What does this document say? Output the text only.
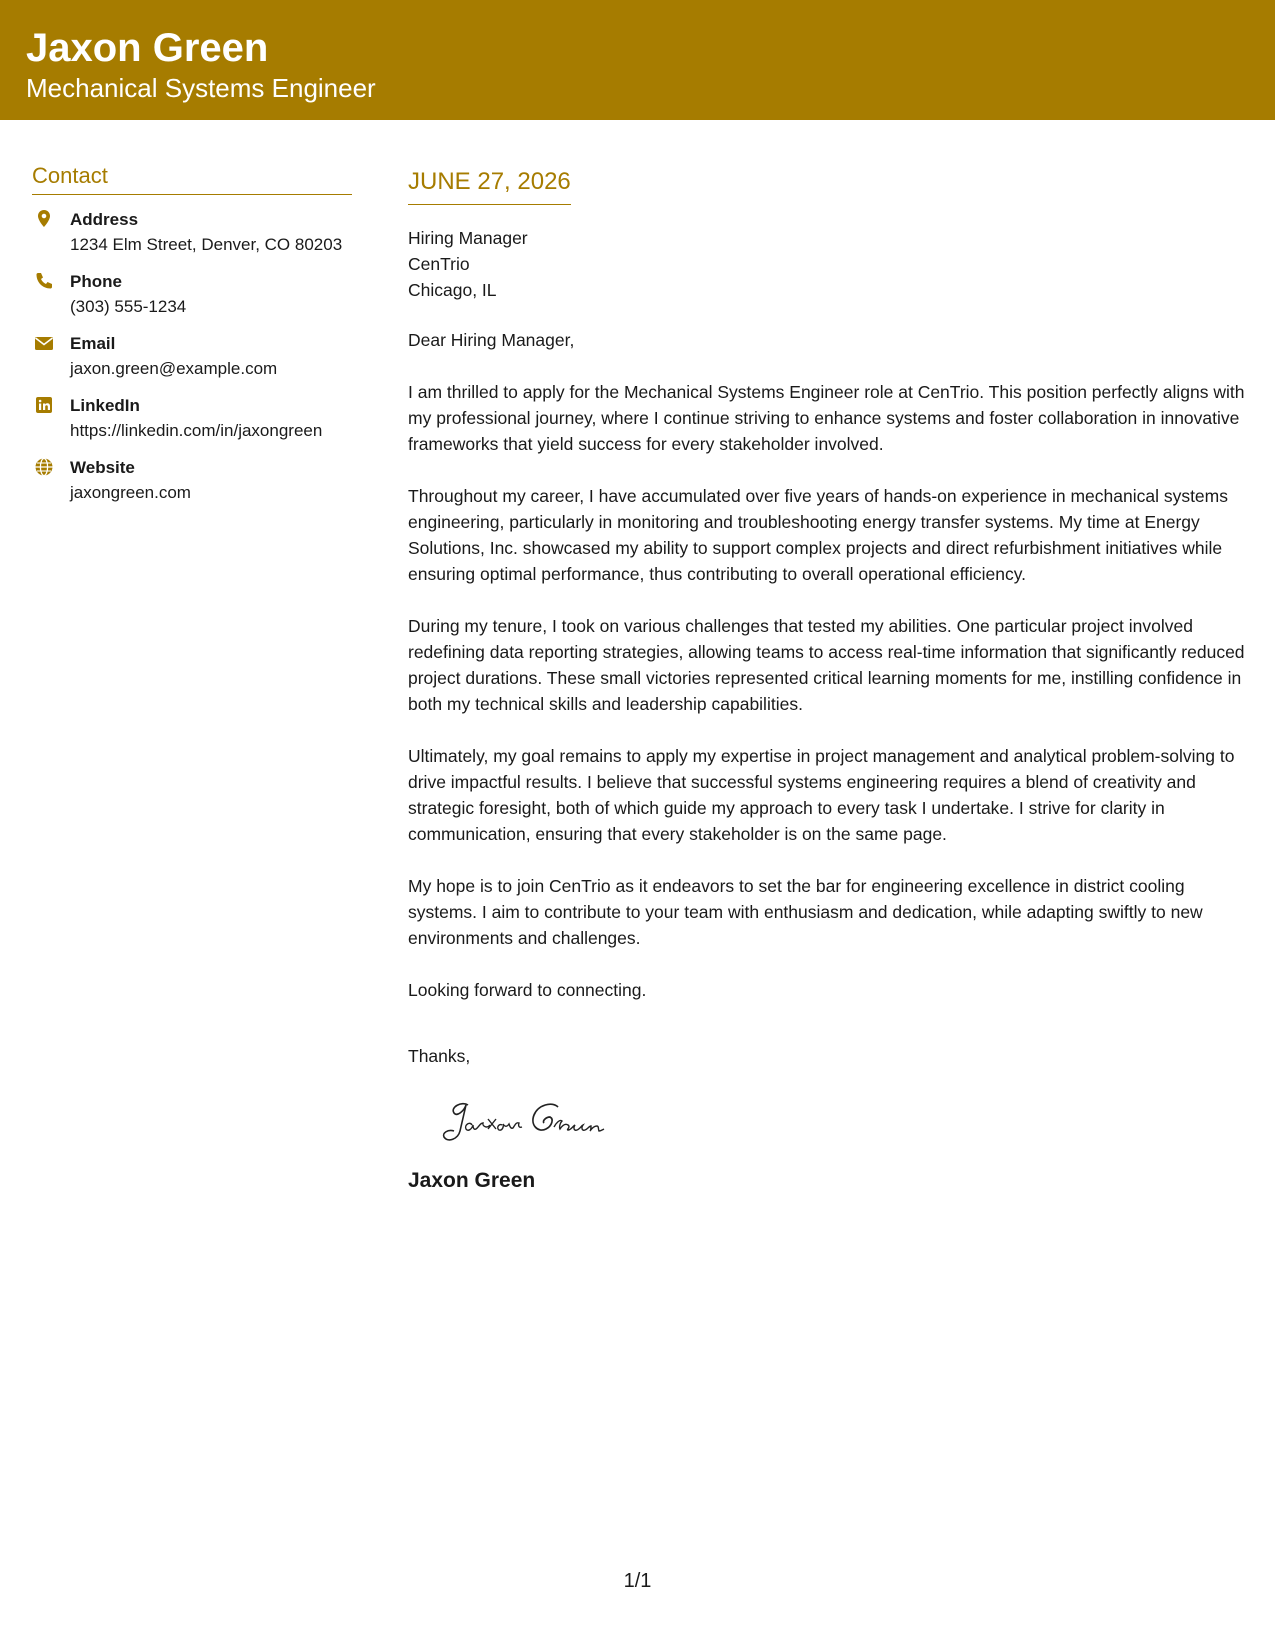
Jaxon Green

Mechanical Systems Engineer

Contact

Address
1234 Elm Street, Denver, CO 80203
Phone
(303) 555-1234
Email
jaxon.green@example.com
LinkedIn
https://linkedin.com/in/jaxongreen
Website
jaxongreen.com

JUNE 27, 2026

Hiring Manager
CenTrio
Chicago, IL

Dear Hiring Manager,

I am thrilled to apply for the Mechanical Systems Engineer role at CenTrio. This position perfectly aligns with my professional journey, where I continue striving to enhance systems and foster collaboration in innovative frameworks that yield success for every stakeholder involved.

Throughout my career, I have accumulated over five years of hands-on experience in mechanical systems engineering, particularly in monitoring and troubleshooting energy transfer systems. My time at Energy Solutions, Inc. showcased my ability to support complex projects and direct refurbishment initiatives while ensuring optimal performance, thus contributing to overall operational efficiency.

During my tenure, I took on various challenges that tested my abilities. One particular project involved redefining data reporting strategies, allowing teams to access real-time information that significantly reduced project durations. These small victories represented critical learning moments for me, instilling confidence in both my technical skills and leadership capabilities.

Ultimately, my goal remains to apply my expertise in project management and analytical problem-solving to drive impactful results. I believe that successful systems engineering requires a blend of creativity and strategic foresight, both of which guide my approach to every task I undertake. I strive for clarity in communication, ensuring that every stakeholder is on the same page.

My hope is to join CenTrio as it endeavors to set the bar for engineering excellence in district cooling systems. I aim to contribute to your team with enthusiasm and dedication, while adapting swiftly to new environments and challenges.

Looking forward to connecting.

Thanks,

Jaxon Green

1/1
